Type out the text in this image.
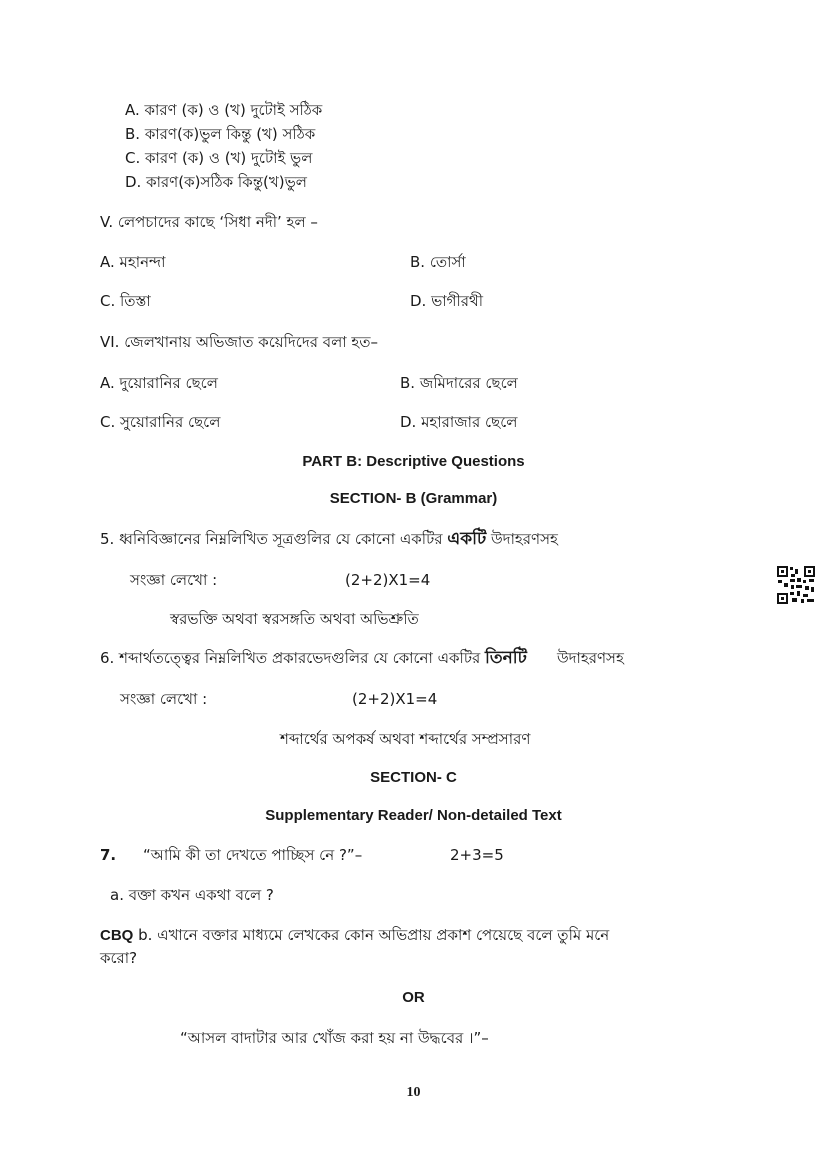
A. কারণ (ক) ও (খ) দুটোই সঠিক
B. কারণ(ক)ভুল কিন্তু (খ) সঠিক
C. কারণ (ক) ও (খ) দুটোই ভুল
D. কারণ(ক)সঠিক কিন্তু(খ)ভুল
V. লেপচাদের কাছে ‘সিধা নদী’ হল –
A. মহানন্দা	B. তোর্সা
C. তিস্তা	D. ভাগীরথী
VI. জেলখানায় অভিজাত কয়েদিদের বলা হত–
A. দুয়োরানির ছেলে	B. জমিদারের ছেলে
C. সুয়োরানির ছেলে	D. মহারাজার ছেলে
PART B: Descriptive Questions
SECTION- B (Grammar)
5. ধ্বনিবিজ্ঞানের নিম্নলিখিত সূত্রগুলির যে কোনো একটির একটি উদাহরণসহ
সংজ্ঞা লেখো :	(2+2)X1=4
স্বরভক্তি অথবা স্বরসঙ্গতি অথবা অভিশ্রুতি
6. শব্দার্থতত্ত্বের নিম্নলিখিত প্রকারভেদগুলির যে কোনো একটির তিনটি উদাহরণসহ
সংজ্ঞা লেখো :	(2+2)X1=4
শব্দার্থের অপকর্ষ অথবা শব্দার্থের সম্প্রসারণ
SECTION- C
Supplementary Reader/ Non-detailed Text
7. “আমি কী তা দেখতে পাচ্ছিস নে ?”–	2+3=5
a. বক্তা কখন একথা বলে ?
CBQ b. এখানে বক্তার মাধ্যমে লেখকের কোন অভিপ্রায় প্রকাশ পেয়েছে বলে তুমি মনে
করো?
OR
“আসল বাদাটার আর খোঁজ করা হয় না উদ্ধবের ।”–
10
